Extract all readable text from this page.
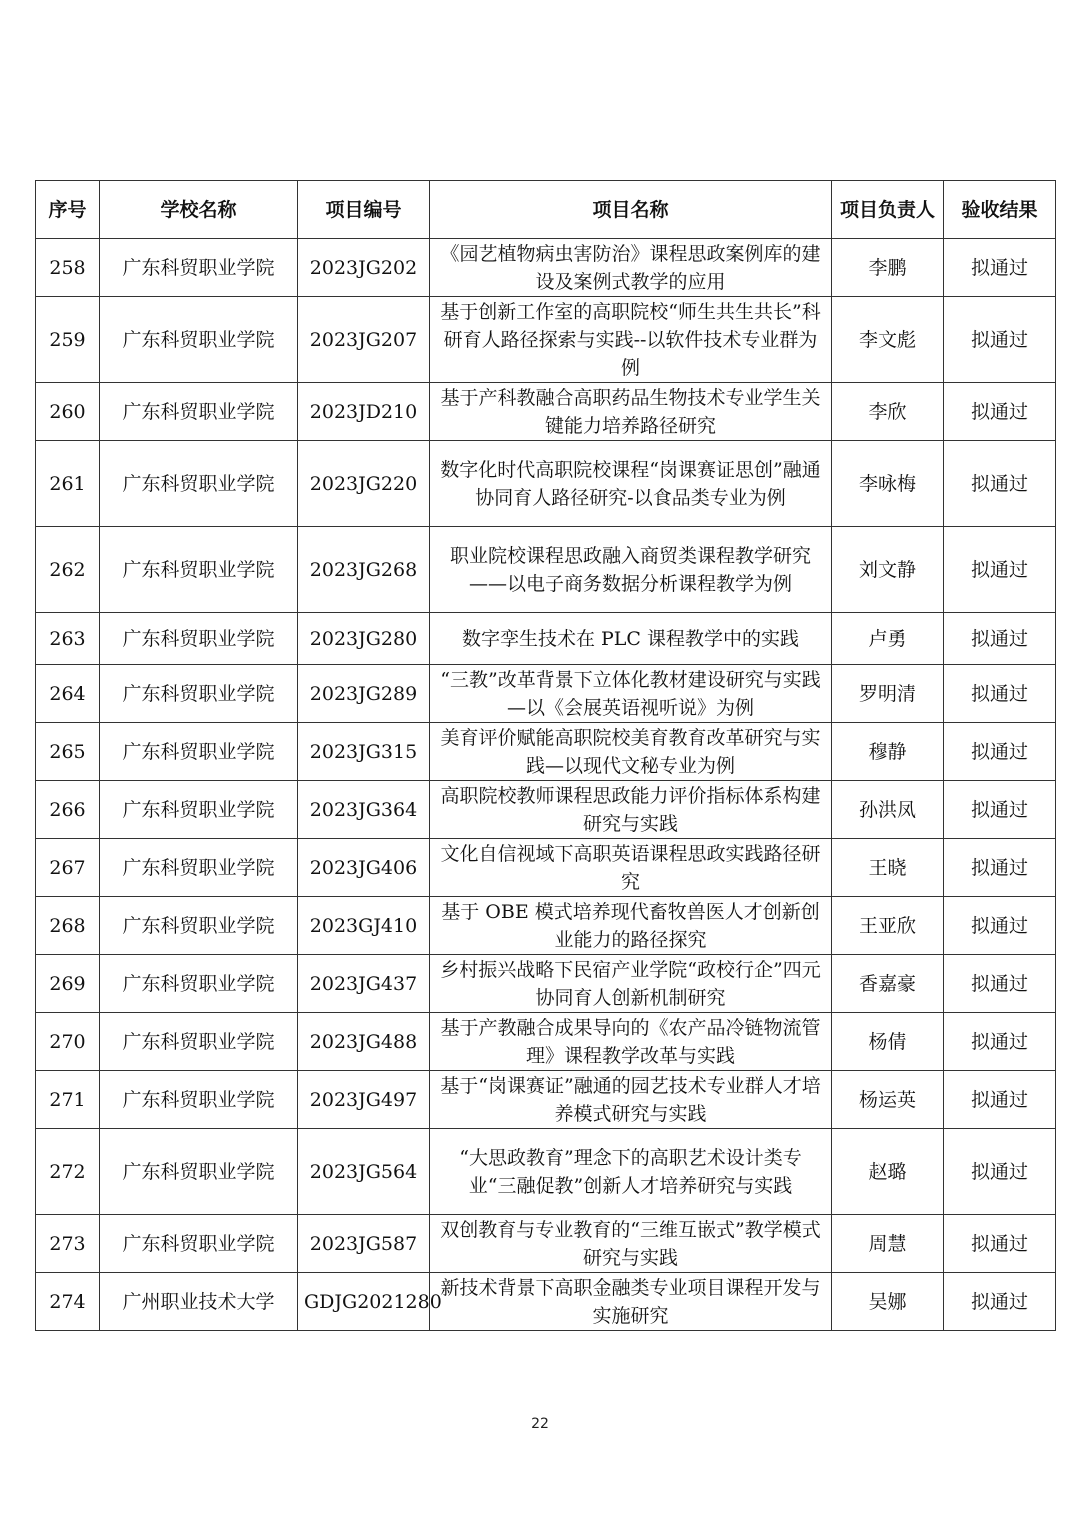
序号	学校名称	项目编号	项目名称	项目负责人	验收结果
258	广东科贸职业学院	2023JG202	《园艺植物病虫害防治》课程思政案例库的建设及案例式教学的应用	李鹏	拟通过
259	广东科贸职业学院	2023JG207	基于创新工作室的高职院校“师生共生共长”科研育人路径探索与实践--以软件技术专业群为例	李文彪	拟通过
260	广东科贸职业学院	2023JD210	基于产科教融合高职药品生物技术专业学生关键能力培养路径研究	李欣	拟通过
261	广东科贸职业学院	2023JG220	数字化时代高职院校课程“岗课赛证思创”融通协同育人路径研究-以食品类专业为例	李咏梅	拟通过
262	广东科贸职业学院	2023JG268	职业院校课程思政融入商贸类课程教学研究——以电子商务数据分析课程教学为例	刘文静	拟通过
263	广东科贸职业学院	2023JG280	数字孪生技术在 PLC 课程教学中的实践	卢勇	拟通过
264	广东科贸职业学院	2023JG289	“三教”改革背景下立体化教材建设研究与实践—以《会展英语视听说》为例	罗明清	拟通过
265	广东科贸职业学院	2023JG315	美育评价赋能高职院校美育教育改革研究与实践—以现代文秘专业为例	穆静	拟通过
266	广东科贸职业学院	2023JG364	高职院校教师课程思政能力评价指标体系构建研究与实践	孙洪凤	拟通过
267	广东科贸职业学院	2023JG406	文化自信视域下高职英语课程思政实践路径研究	王晓	拟通过
268	广东科贸职业学院	2023GJ410	基于 OBE 模式培养现代畜牧兽医人才创新创业能力的路径探究	王亚欣	拟通过
269	广东科贸职业学院	2023JG437	乡村振兴战略下民宿产业学院“政校行企”四元协同育人创新机制研究	香嘉豪	拟通过
270	广东科贸职业学院	2023JG488	基于产教融合成果导向的《农产品冷链物流管理》课程教学改革与实践	杨倩	拟通过
271	广东科贸职业学院	2023JG497	基于“岗课赛证”融通的园艺技术专业群人才培养模式研究与实践	杨运英	拟通过
272	广东科贸职业学院	2023JG564	“大思政教育”理念下的高职艺术设计类专业“三融促教”创新人才培养研究与实践	赵璐	拟通过
273	广东科贸职业学院	2023JG587	双创教育与专业教育的“三维互嵌式”教学模式研究与实践	周慧	拟通过
274	广州职业技术大学	GDJG2021280	新技术背景下高职金融类专业项目课程开发与实施研究	吴娜	拟通过
22
